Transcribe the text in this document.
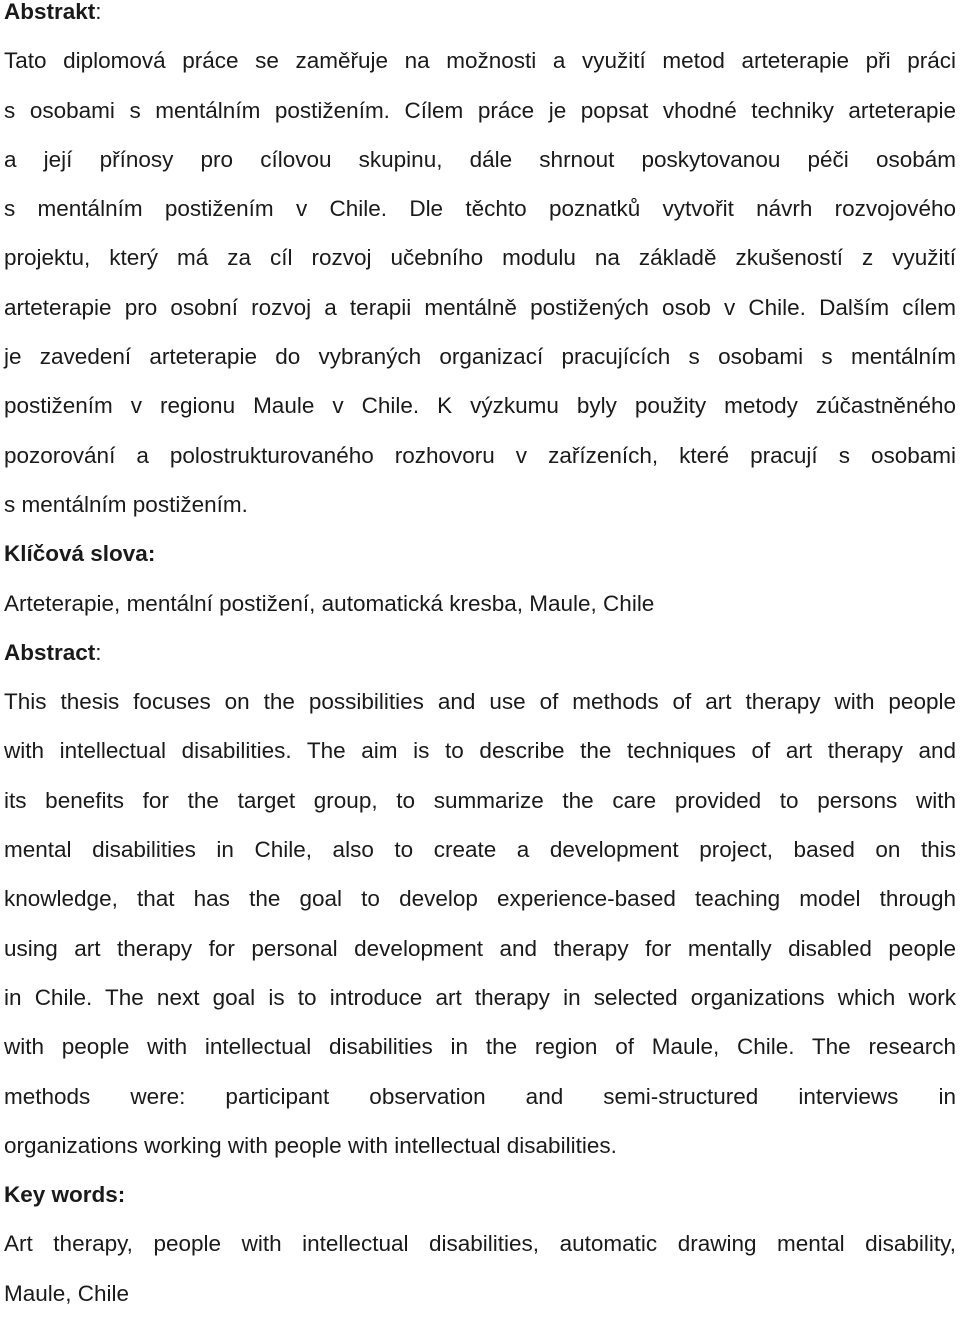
Abstrakt:

Tato diplomová práce se zaměřuje na možnosti a využití metod arteterapie při práci

s osobami s mentálním postižením. Cílem práce je popsat vhodné techniky arteterapie

a její přínosy pro cílovou skupinu, dále shrnout poskytovanou péči osobám

s mentálním postižením v Chile. Dle těchto poznatků vytvořit návrh rozvojového

projektu, který má za cíl rozvoj učebního modulu na základě zkušeností z využití

arteterapie pro osobní rozvoj a terapii mentálně postižených osob v Chile. Dalším cílem

je zavedení arteterapie do vybraných organizací pracujících s osobami s mentálním

postižením v regionu Maule v Chile. K výzkumu byly použity metody zúčastněného

pozorování a polostrukturovaného rozhovoru v zařízeních, které pracují s osobami

s mentálním postižením.

Klíčová slova:

Arteterapie, mentální postižení, automatická kresba, Maule, Chile

Abstract:

This thesis focuses on the possibilities and use of methods of art therapy with people

with intellectual disabilities. The aim is to describe the techniques of art therapy and

its benefits for the target group, to summarize the care provided to persons with

mental disabilities in Chile, also to create a development project, based on this

knowledge, that has the goal to develop experience-based teaching model through

using art therapy for personal development and therapy for mentally disabled people

in Chile. The next goal is to introduce art therapy in selected organizations which work

with people with intellectual disabilities in the region of Maule, Chile. The research

methods were: participant observation and semi-structured interviews in

organizations working with people with intellectual disabilities.

Key words:

Art therapy, people with intellectual disabilities, automatic drawing mental disability,

Maule, Chile
